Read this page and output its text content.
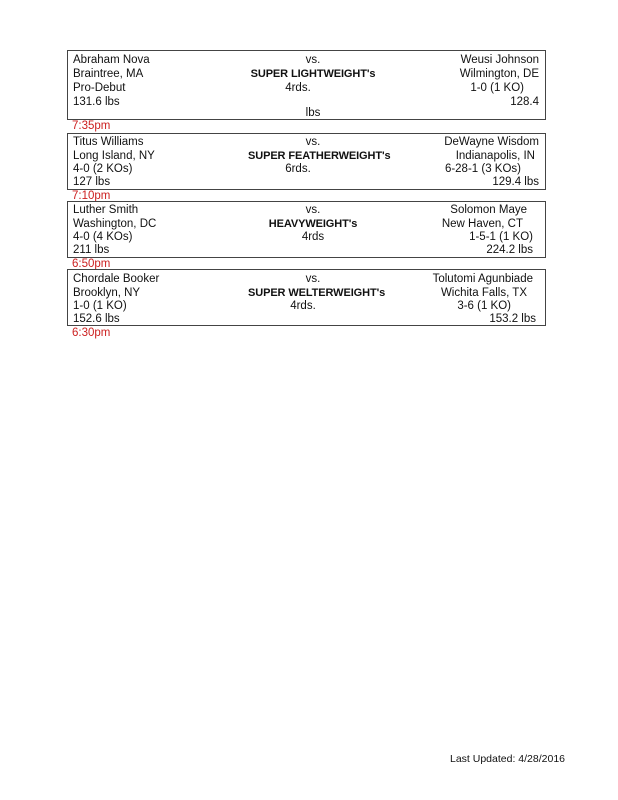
Abraham Nova
Braintree, MA
Pro-Debut
131.6 lbs
vs.
SUPER LIGHTWEIGHT's
4rds.
lbs
Weusi Johnson
Wilmington, DE
1-0 (1 KO)
128.4
7:35pm
Titus Williams
Long Island, NY
4-0 (2 KOs)
127 lbs
vs.
SUPER FEATHERWEIGHT's
6rds.
DeWayne Wisdom
Indianapolis, IN
6-28-1 (3 KOs)
129.4 lbs
7:10pm
Luther Smith
Washington, DC
4-0 (4 KOs)
211 lbs
vs.
HEAVYWEIGHT's
4rds
Solomon Maye
New Haven, CT
1-5-1 (1 KO)
224.2 lbs
6:50pm
Chordale Booker
Brooklyn, NY
1-0 (1 KO)
152.6 lbs
vs.
SUPER WELTERWEIGHT's
4rds.
Tolutomi Agunbiade
Wichita Falls, TX
3-6 (1 KO)
153.2 lbs
6:30pm
Last Updated: 4/28/2016
